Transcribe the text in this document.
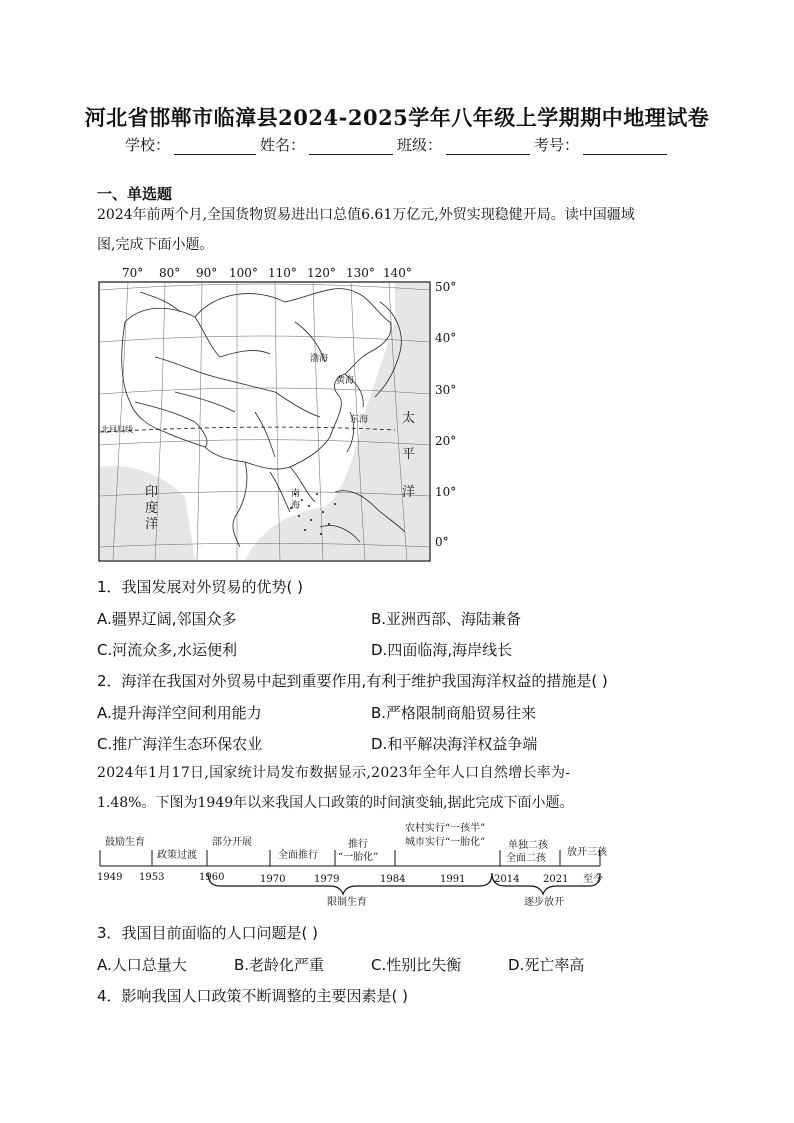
河北省邯郸市临漳县2024-2025学年八年级上学期期中地理试卷
学校：	姓名：	班级：	考号：
一、单选题
2024年前两个月,全国货物贸易进出口总值6.61万亿元,外贸实现稳健开局。读中国疆域
图,完成下面小题。
70° 80° 90° 100° 110° 120° 130° 140°
50°
40°
30°
20°
10°
0°
渤海
黄海
东海
南
海
北回归线
太
平
洋
印
度
洋
1．我国发展对外贸易的优势( )
A.疆界辽阔,邻国众多	B.亚洲西部、海陆兼备
C.河流众多,水运便利	D.四面临海,海岸线长
2．海洋在我国对外贸易中起到重要作用,有利于维护我国海洋权益的措施是( )
A.提升海洋空间利用能力	B.严格限制商船贸易往来
C.推广海洋生态环保农业	D.和平解决海洋权益争端
2024年1月17日,国家统计局发布数据显示,2023年全年人口自然增长率为-
1.48%。下图为1949年以来我国人口政策的时间演变轴,据此完成下面小题。
鼓励生育
政策过渡
部分开展
全面推行
推行
“一胎化”
农村实行“一孩半”
城市实行“一胎化” 单独二孩
全面二孩
放开三孩
1949 1953	1960	1970	1979	1984	1991	2014 2021 至今
限制生育	逐步放开
3．我国目前面临的人口问题是( )
A.人口总量大	B.老龄化严重	C.性别比失衡	D.死亡率高
4．影响我国人口政策不断调整的主要因素是( )
